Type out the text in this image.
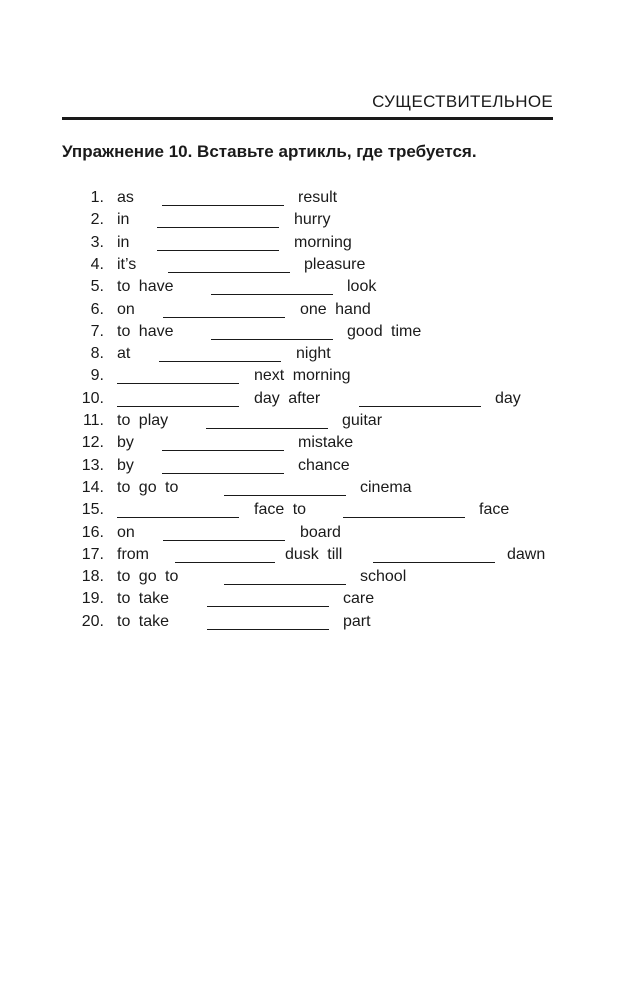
СУЩЕСТВИТЕЛЬНОЕ
Упражнение 10. Вставьте артикль, где требуется.
1. as	result
2. in	hurry
3. in	morning
4. it’s	pleasure
5. to have	look
6. on	one hand
7. to have	good time
8. at	night
9.	next morning
10.	day after	day
11. to play	guitar
12. by	mistake
13. by	chance
14. to go to	cinema
15.	face to	face
16. on	board
17. from	dusk till	dawn
18. to go to	school
19. to take	care
20. to take	part
